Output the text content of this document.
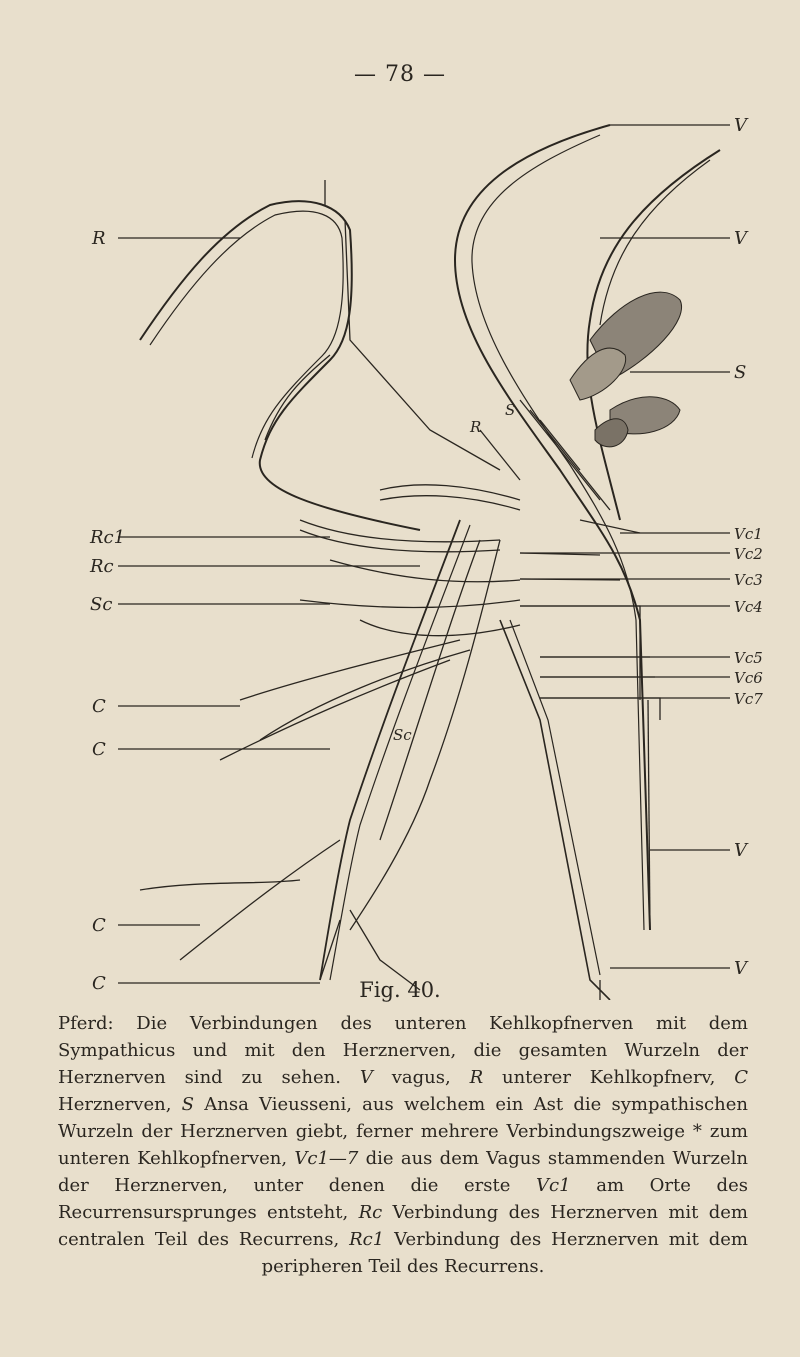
— 78 —
R
Rc1
Rc
Sc
C
C
C
C
V
V
S
Vc1
Vc2
Vc3
Vc4
Vc5
Vc6
Vc7
V
V
R
S
Sc
Fig. 40.
Pferd: Die Verbindungen des unteren Kehlkopfnerven mit dem Sympathicus und mit den Herznerven, die gesamten Wurzeln der Herznerven sind zu sehen. V vagus, R unterer Kehlkopfnerv, C Herznerven, S Ansa Vieusseni, aus welchem ein Ast die sympathischen Wurzeln der Herznerven giebt, ferner mehrere Verbindungszweige * zum unteren Kehlkopfnerven, Vc1—7 die aus dem Vagus stammenden Wurzeln der Herznerven, unter denen die erste Vc1 am Orte des Recurrensursprunges entsteht, Rc Verbindung des Herznerven mit dem centralen Teil des Recurrens, Rc1 Verbindung des Herznerven mit dem peripheren Teil des Recurrens.
